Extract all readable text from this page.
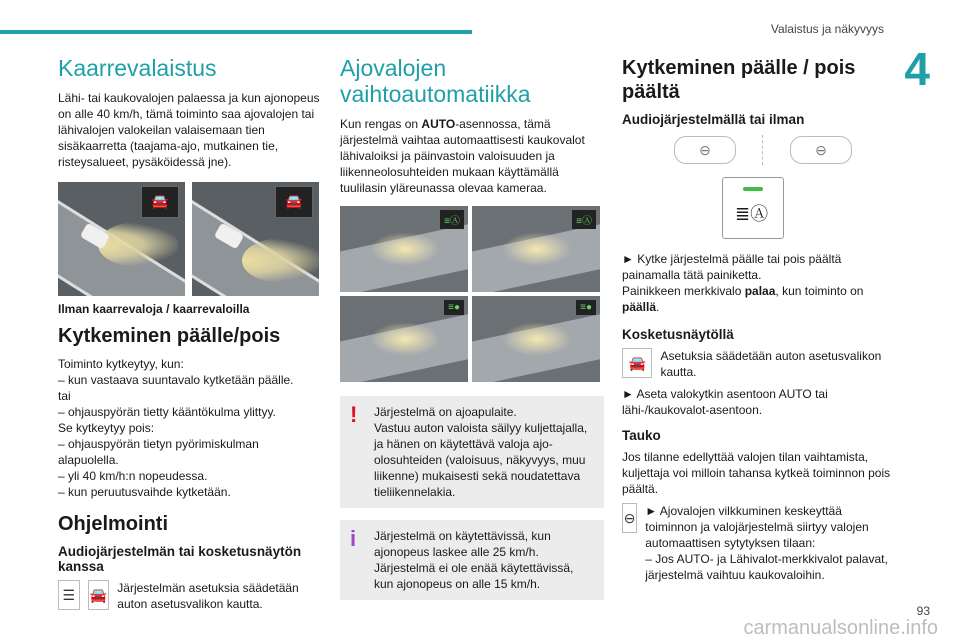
Valaistus ja näkyvyys
4
Kaarrevalaistus

Lähi- tai kaukovalojen palaessa ja kun ajonopeus on alle 40 km/h, tämä toiminto saa ajovalojen tai lähivalojen valokeilan valaisemaan tien sisäkaarretta (taajama-ajo, mutkainen tie, risteysalueet, pysäköidessä jne).

🚘	🚘
Ilman kaarrevaloja / kaarrevaloilla
Kytkeminen päälle/pois

Toiminto kytkeytyy, kun:
– kun vastaava suuntavalo kytketään päälle.
tai
– ohjauspyörän tietty kääntökulma ylittyy.
Se kytkeytyy pois:
– ohjauspyörän tietyn pyörimiskulman alapuolella.
– yli 40 km/h:n nopeudessa.
– kun peruutusvaihde kytketään.

Ohjelmointi
Audiojärjestelmän tai kosketusnäytön kanssa
☰	🚘 Järjestelmän asetuksia säädetään auton asetusvalikon kautta.
Ajovalojen vaihtoautomatiikka

Kun rengas on AUTO-asennossa, tämä järjestelmä vaihtaa automaattisesti kaukovalot lähivaloiksi ja päinvastoin valoisuuden ja liikenneolosuhteiden mukaan käyttämällä tuulilasin yläreunassa olevaa kameraa.

≡Ⓐ	≡Ⓐ
≡●	≡●
!	Järjestelmä on ajoapulaite.
Vastuu auton valoista säilyy kuljettajalla, ja hänen on käytettävä valoja ajo-olosuhteiden (valoisuus, näkyvyys, muu liikenne) mukaisesti sekä noudatettava tieliikennelakia.

i	Järjestelmä on käytettävissä, kun ajonopeus laskee alle 25 km/h.
Järjestelmä ei ole enää käytettävissä, kun ajonopeus on alle 15 km/h.

Kytkeminen päälle / pois päältä
Audiojärjestelmällä tai ilman
⊖	⊖
≣Ⓐ

► Kytke järjestelmä päälle tai pois päältä painamalla tätä painiketta.
Painikkeen merkkivalo palaa, kun toiminto on päällä.

Kosketusnäytöllä
🚘	Asetuksia säädetään auton asetusvalikon kautta.

► Aseta valokytkin asentoon AUTO tai lähi-/kaukovalot-asentoon.

Tauko

Jos tilanne edellyttää valojen tilan vaihtamista, kuljettaja voi milloin tahansa kytkeä toiminnon pois päältä.

⊖ ► Ajovalojen vilkkuminen keskeyttää toiminnon ja valojärjestelmä siirtyy valojen automaattisen sytytyksen tilaan:
– Jos AUTO- ja Lähivalot-merkkivalot palavat, järjestelmä vaihtuu kaukovaloihin.
93
carmanualsonline.info
